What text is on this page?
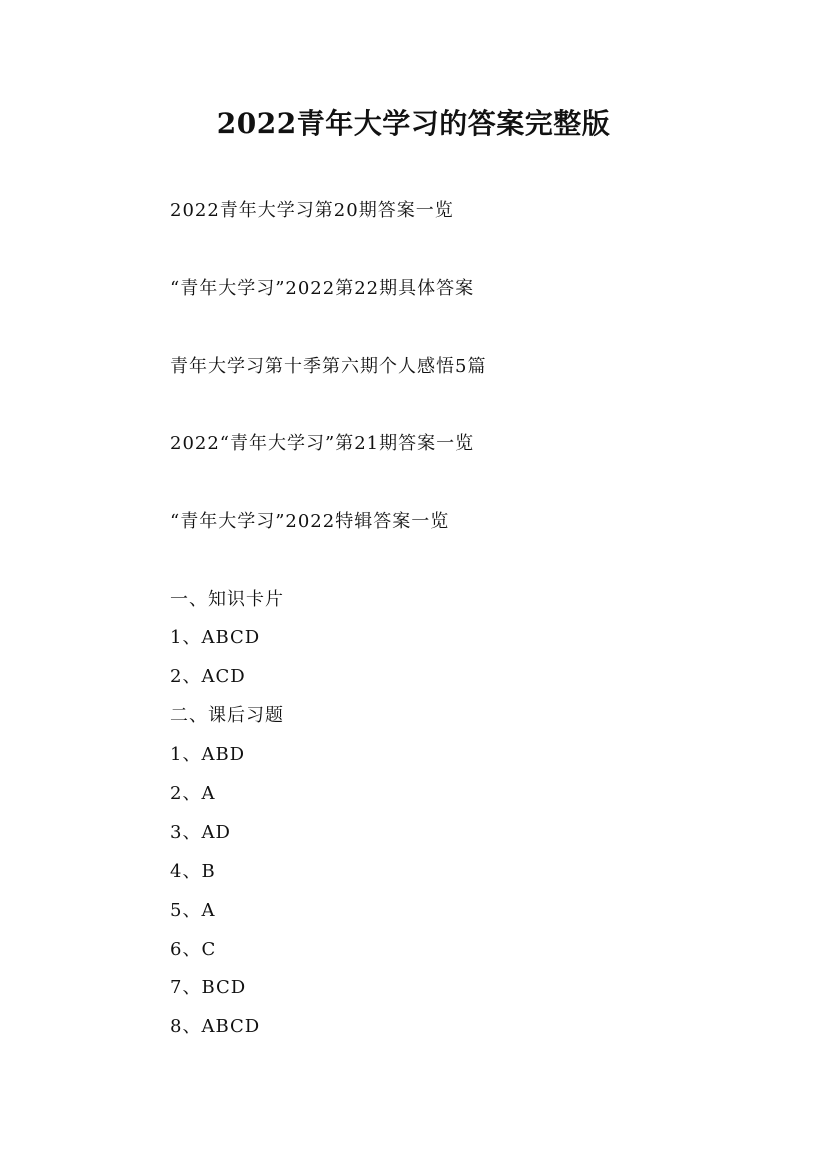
2022青年大学习的答案完整版
2022青年大学习第20期答案一览
“青年大学习”2022第22期具体答案
青年大学习第十季第六期个人感悟5篇
2022“青年大学习”第21期答案一览
“青年大学习”2022特辑答案一览
一、知识卡片
1、ABCD
2、ACD
二、课后习题
1、ABD
2、A
3、AD
4、B
5、A
6、C
7、BCD
8、ABCD
